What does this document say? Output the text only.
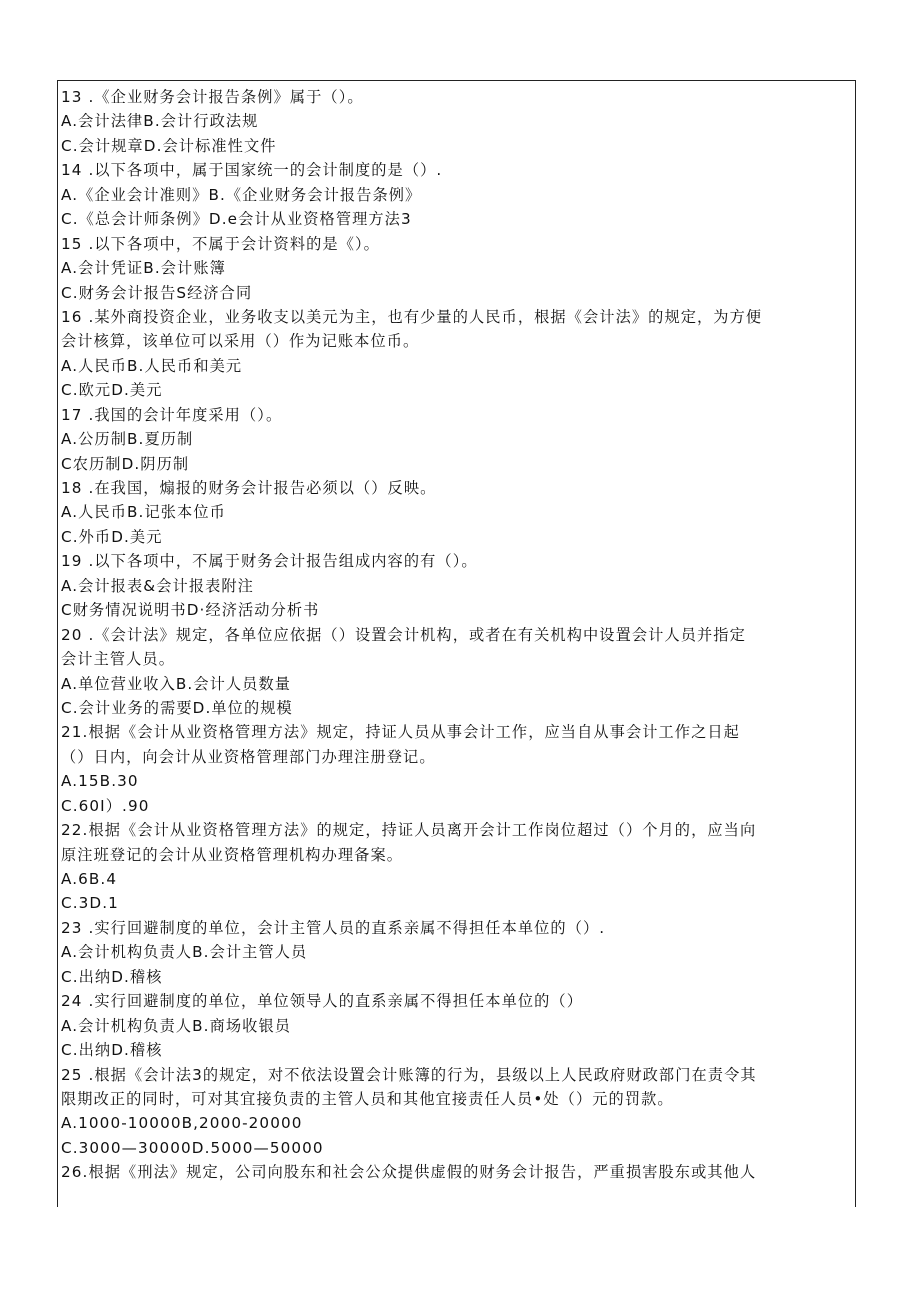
13 .《企业财务会计报告条例》属于（）。
A.会计法律B.会计行政法规
C.会计规章D.会计标准性文件
14 .以下各项中，属于国家统一的会计制度的是（）.
A.《企业会计准则》B.《企业财务会计报告条例》
C.《总会计师条例》D.e会计从业资格管理方法3
15 .以下各项中，不属于会计资料的是《）。
A.会计凭证B.会计账簿
C.财务会计报告S经济合同
16 .某外商投资企业，业务收支以美元为主，也有少量的人民币，根据《会计法》的规定，为方便
会计核算，该单位可以采用（）作为记账本位币。
A.人民币B.人民币和美元
C.欧元D.美元
17 .我国的会计年度采用（）。
A.公历制B.夏历制
C农历制D.阴历制
18 .在我国，煽报的财务会计报告必须以（）反映。
A.人民币B.记张本位币
C.外币D.美元
19 .以下各项中，不属于财务会计报告组成内容的有（）。
A.会计报表&会计报表附注
C财务情况说明书D·经济活动分析书
20 .《会计法》规定，各单位应依据（）设置会计机构，或者在有关机构中设置会计人员并指定
会计主管人员。
A.单位营业收入B.会计人员数量
C.会计业务的需要D.单位的规模
21.根据《会计从业资格管理方法》规定，持证人员从事会计工作，应当自从事会计工作之日起
（）日内，向会计从业资格管理部门办理注册登记。
A.15B.30
C.60I）.90
22.根据《会计从业资格管理方法》的规定，持证人员离开会计工作岗位超过（）个月的，应当向
原注班登记的会计从业资格管理机构办理备案。
A.6B.4
C.3D.1
23 .实行回避制度的单位，会计主管人员的直系亲属不得担任本单位的（）.
A.会计机构负责人B.会计主管人员
C.出纳D.稽核
24 .实行回避制度的单位，单位领导人的直系亲属不得担任本单位的（）
A.会计机构负责人B.商场收银员
C.出纳D.稽核
25 .根据《会计法3的规定，对不依法设置会计账簿的行为，县级以上人民政府财政部门在责令其
限期改正的同时，可对其宜接负责的主管人员和其他宜接责任人员•处（）元的罚款。
A.1000-10000B,2000-20000
C.3000—30000D.5000—50000
26.根据《刑法》规定，公司向股东和社会公众提供虚假的财务会计报告，严重损害股东或其他人
